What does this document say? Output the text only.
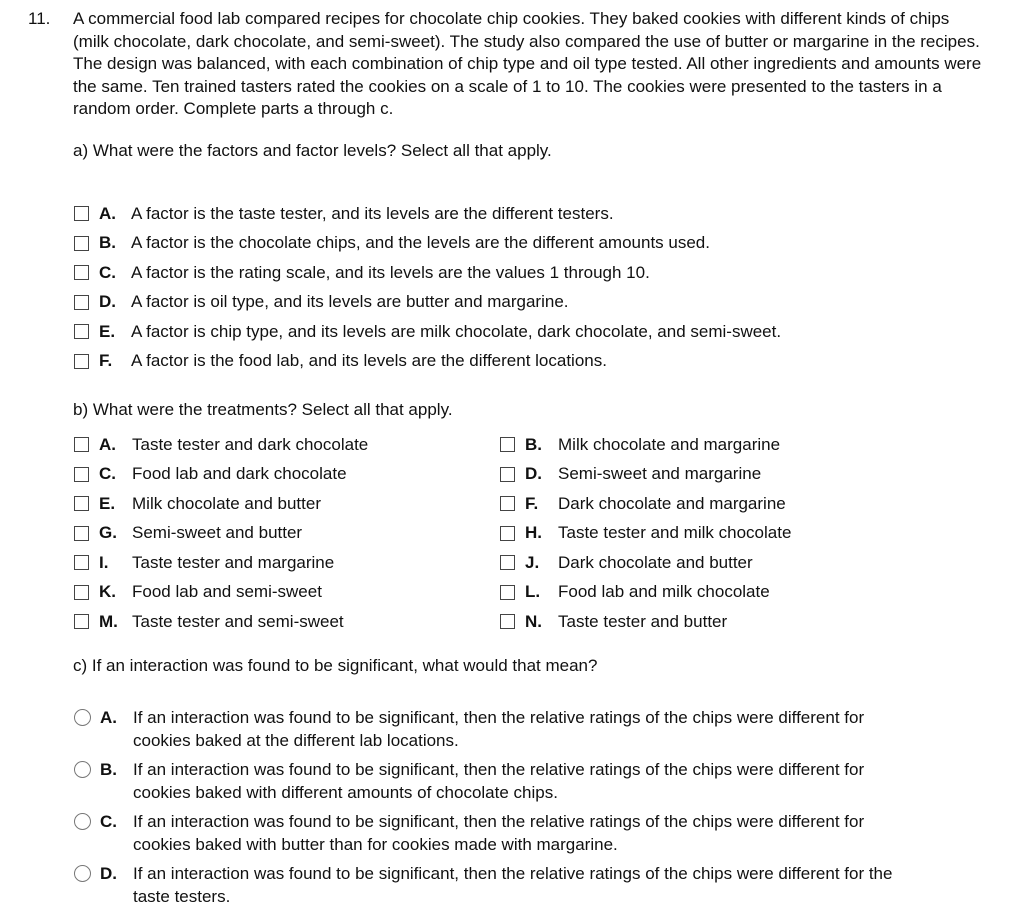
11. A commercial food lab compared recipes for chocolate chip cookies. They baked cookies with different kinds of chips (milk chocolate, dark chocolate, and semi-sweet). The study also compared the use of butter or margarine in the recipes. The design was balanced, with each combination of chip type and oil type tested. All other ingredients and amounts were the same. Ten trained tasters rated the cookies on a scale of 1 to 10. The cookies were presented to the tasters in a random order. Complete parts a through c.
a) What were the factors and factor levels? Select all that apply.
A. A factor is the taste tester, and its levels are the different testers.
B. A factor is the chocolate chips, and the levels are the different amounts used.
C. A factor is the rating scale, and its levels are the values 1 through 10.
D. A factor is oil type, and its levels are butter and margarine.
E. A factor is chip type, and its levels are milk chocolate, dark chocolate, and semi-sweet.
F.	A factor is the food lab, and its levels are the different locations.
b) What were the treatments? Select all that apply.
A. Taste tester and dark chocolate	B. Milk chocolate and margarine
C. Food lab and dark chocolate	D. Semi-sweet and margarine
E. Milk chocolate and butter	F.	Dark chocolate and margarine
G. Semi-sweet and butter	H. Taste tester and milk chocolate
I.	Taste tester and margarine	J.	Dark chocolate and butter
K. Food lab and semi-sweet	L.	Food lab and milk chocolate
M. Taste tester and semi-sweet	N. Taste tester and butter
c) If an interaction was found to be significant, what would that mean?
A. If an interaction was found to be significant, then the relative ratings of the chips were different for cookies baked at the different lab locations.
B. If an interaction was found to be significant, then the relative ratings of the chips were different for cookies baked with different amounts of chocolate chips.
C. If an interaction was found to be significant, then the relative ratings of the chips were different for cookies baked with butter than for cookies made with margarine.
D. If an interaction was found to be significant, then the relative ratings of the chips were different for the taste testers.
